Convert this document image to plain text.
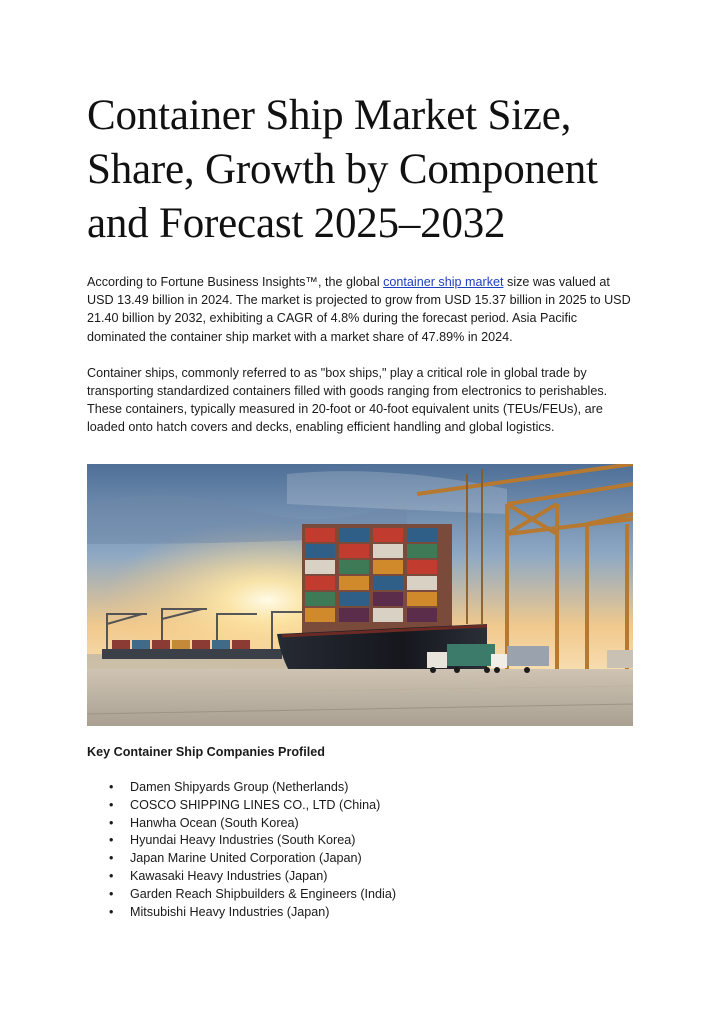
Container Ship Market Size, Share, Growth by Component and Forecast 2025–2032

According to Fortune Business Insights™, the global container ship market size was valued at USD 13.49 billion in 2024. The market is projected to grow from USD 15.37 billion in 2025 to USD 21.40 billion by 2032, exhibiting a CAGR of 4.8% during the forecast period. Asia Pacific dominated the container ship market with a market share of 47.89% in 2024.

Container ships, commonly referred to as "box ships," play a critical role in global trade by transporting standardized containers filled with goods ranging from electronics to perishables. These containers, typically measured in 20-foot or 40-foot equivalent units (TEUs/FEUs), are loaded onto hatch covers and decks, enabling efficient handling and global logistics.

Key Container Ship Companies Profiled
• Damen Shipyards Group (Netherlands)
• COSCO SHIPPING LINES CO., LTD (China)
• Hanwha Ocean (South Korea)
• Hyundai Heavy Industries (South Korea)
• Japan Marine United Corporation (Japan)
• Kawasaki Heavy Industries (Japan)
• Garden Reach Shipbuilders & Engineers (India)
• Mitsubishi Heavy Industries (Japan)
